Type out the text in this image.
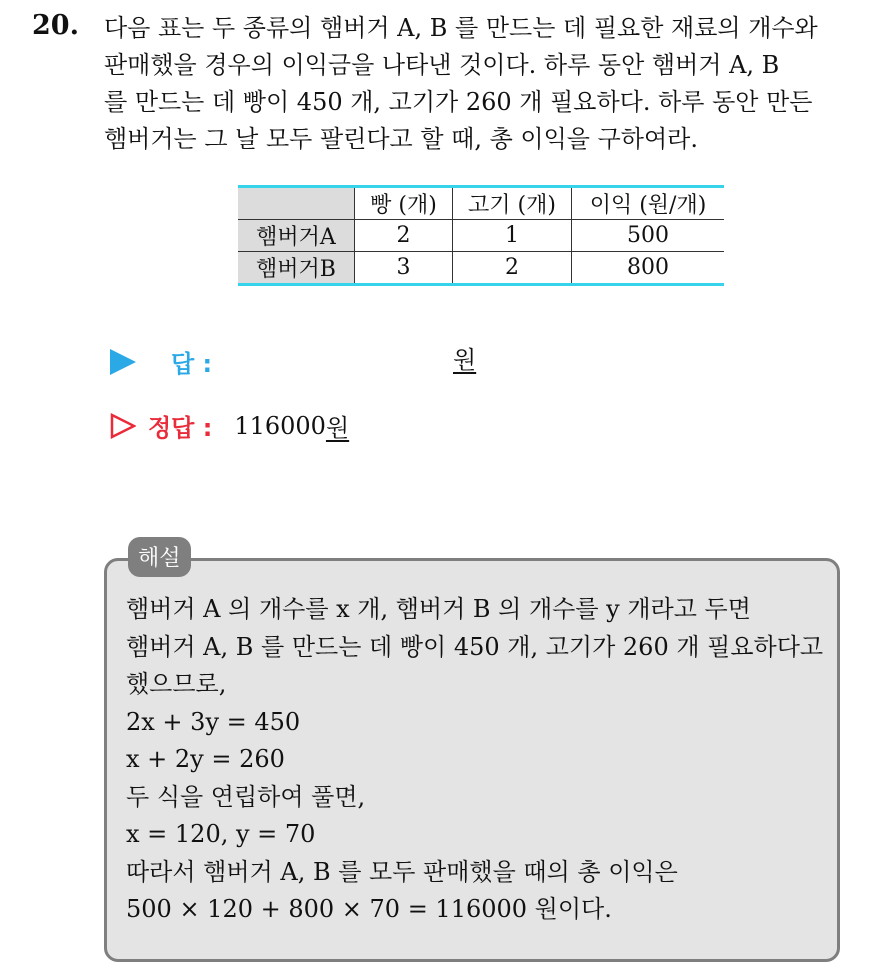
20. 다음 표는 두 종류의 햄버거 A, B 를 만드는 데 필요한 재료의 개수와
판매했을 경우의 이익금을 나타낸 것이다. 하루 동안 햄버거 A, B
를 만드는 데 빵이 450 개, 고기가 260 개 필요하다. 하루 동안 만든
햄버거는 그 날 모두 팔린다고 할 때, 총 이익을 구하여라.
	빵 (개)	고기 (개)	이익 (원/개)
햄버거A	2	1	500
햄버거B	3	2	800
답 :	원
정답 : 116000 원
해설
햄버거 A 의 개수를 x 개, 햄버거 B 의 개수를 y 개라고 두면
햄버거 A, B 를 만드는 데 빵이 450 개, 고기가 260 개 필요하다고
했으므로,
2x + 3y = 450
x + 2y = 260
두 식을 연립하여 풀면,
x = 120, y = 70
따라서 햄버거 A, B 를 모두 판매했을 때의 총 이익은
500 × 120 + 800 × 70 = 116000 원이다.
